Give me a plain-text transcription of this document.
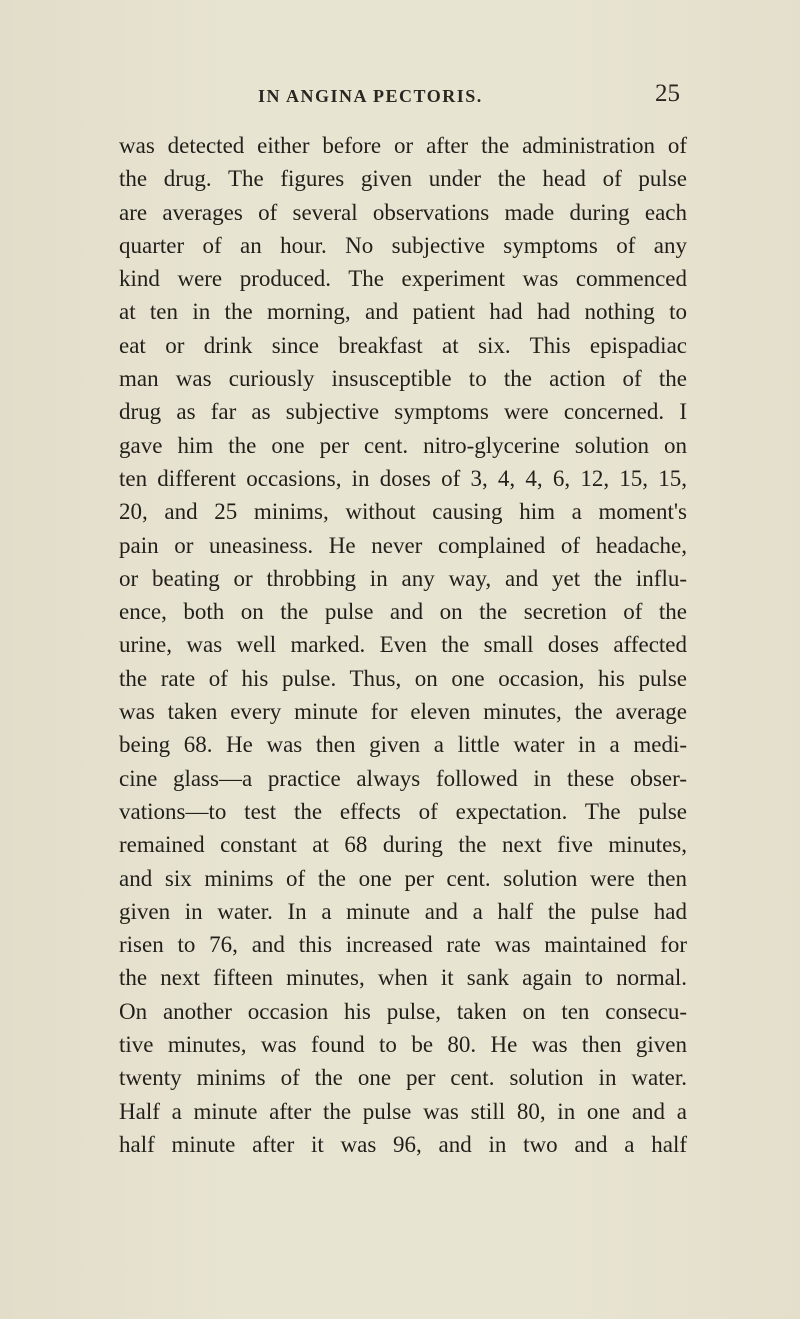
IN ANGINA PECTORIS.	25
was detected either before or after the administration of
the drug. The figures given under the head of pulse
are averages of several observations made during each
quarter of an hour. No subjective symptoms of any
kind were produced. The experiment was commenced
at ten in the morning, and patient had had nothing to
eat or drink since breakfast at six. This epispadiac
man was curiously insusceptible to the action of the
drug as far as subjective symptoms were concerned. I
gave him the one per cent. nitro-glycerine solution on
ten different occasions, in doses of 3, 4, 4, 6, 12, 15, 15,
20, and 25 minims, without causing him a moment's
pain or uneasiness. He never complained of headache,
or beating or throbbing in any way, and yet the influ-
ence, both on the pulse and on the secretion of the
urine, was well marked. Even the small doses affected
the rate of his pulse. Thus, on one occasion, his pulse
was taken every minute for eleven minutes, the average
being 68. He was then given a little water in a medi-
cine glass—a practice always followed in these obser-
vations—to test the effects of expectation. The pulse
remained constant at 68 during the next five minutes,
and six minims of the one per cent. solution were then
given in water. In a minute and a half the pulse had
risen to 76, and this increased rate was maintained for
the next fifteen minutes, when it sank again to normal.
On another occasion his pulse, taken on ten consecu-
tive minutes, was found to be 80. He was then given
twenty minims of the one per cent. solution in water.
Half a minute after the pulse was still 80, in one and a
half minute after it was 96, and in two and a half
